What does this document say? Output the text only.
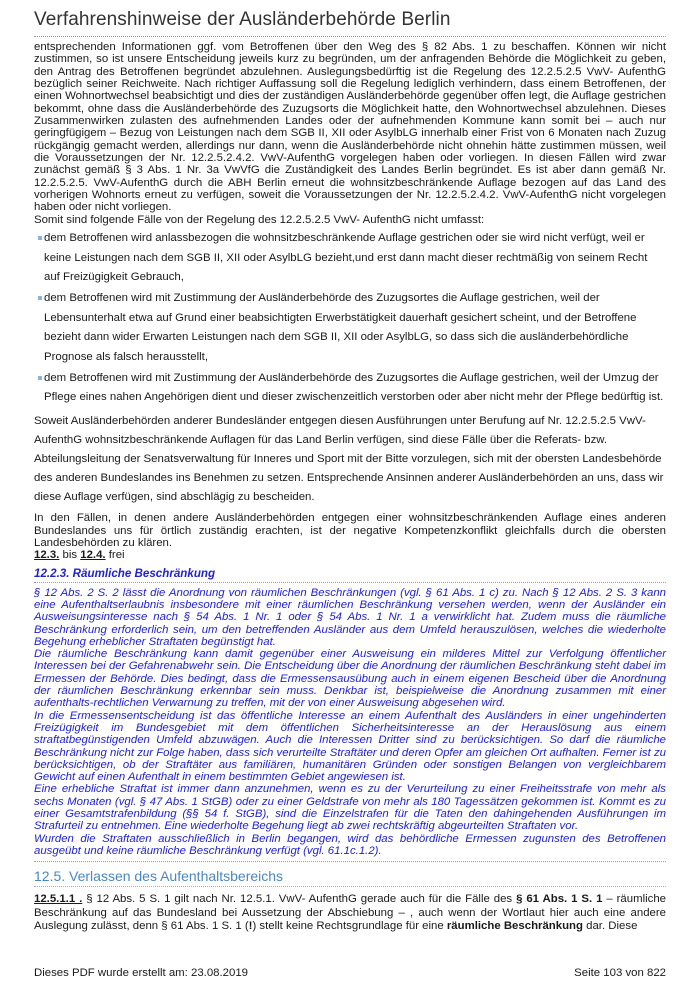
Verfahrenshinweise der Ausländerbehörde Berlin

entsprechenden Informationen ggf. vom Betroffenen über den Weg des § 82 Abs. 1 zu beschaffen. Können wir nicht zustimmen, so ist unsere Entscheidung jeweils kurz zu begründen, um der anfragenden Behörde die Möglichkeit zu geben, den Antrag des Betroffenen begründet abzulehnen. Auslegungsbedürftig ist die Regelung des 12.2.5.2.5 VwV- AufenthG bezüglich seiner Reichweite. Nach richtiger Auffassung soll die Regelung lediglich verhindern, dass einem Betroffenen, der einen Wohnortwechsel beabsichtigt und dies der zuständigen Ausländerbehörde gegenüber offen legt, die Auflage gestrichen bekommt, ohne dass die Ausländerbehörde des Zuzugsorts die Möglichkeit hatte, den Wohnortwechsel abzulehnen. Dieses Zusammenwirken zulasten des aufnehmenden Landes oder der aufnehmenden Kommune kann somit bei – auch nur geringfügigem – Bezug von Leistungen nach dem SGB II, XII oder AsylbLG innerhalb einer Frist von 6 Monaten nach Zuzug rückgängig gemacht werden, allerdings nur dann, wenn die Ausländerbehörde nicht ohnehin hätte zustimmen müssen, weil die Voraussetzungen der Nr. 12.2.5.2.4.2. VwV-AufenthG vorgelegen haben oder vorliegen. In diesen Fällen wird zwar zunächst gemäß § 3 Abs. 1 Nr. 3a VwVfG die Zuständigkeit des Landes Berlin begründet. Es ist aber dann gemäß Nr. 12.2.5.2.5. VwV-AufenthG durch die ABH Berlin erneut die wohnsitzbeschränkende Auflage bezogen auf das Land des vorherigen Wohnorts erneut zu verfügen, soweit die Voraussetzungen der Nr. 12.2.5.2.4.2. VwV-AufenthG nicht vorgelegen haben oder nicht vorliegen.

Somit sind folgende Fälle von der Regelung des 12.2.5.2.5 VwV- AufenthG nicht umfasst:

dem Betroffenen wird anlassbezogen die wohnsitzbeschränkende Auflage gestrichen oder sie wird nicht verfügt, weil er keine Leistungen nach dem SGB II, XII oder AsylbLG bezieht,und erst dann macht dieser rechtmäßig von seinem Recht auf Freizügigkeit Gebrauch,
dem Betroffenen wird mit Zustimmung der Ausländerbehörde des Zuzugsortes die Auflage gestrichen, weil der Lebensunterhalt etwa auf Grund einer beabsichtigten Erwerbstätigkeit dauerhaft gesichert scheint, und der Betroffene bezieht dann wider Erwarten Leistungen nach dem SGB II, XII oder AsylbLG, so dass sich die ausländerbehördliche Prognose als falsch herausstellt,
dem Betroffenen wird mit Zustimmung der Ausländerbehörde des Zuzugsortes die Auflage gestrichen, weil der Umzug der Pflege eines nahen Angehörigen dient und dieser zwischenzeitlich verstorben oder aber nicht mehr der Pflege bedürftig ist.

Soweit Ausländerbehörden anderer Bundesländer entgegen diesen Ausführungen unter Berufung auf Nr. 12.2.5.2.5 VwV-AufenthG wohnsitzbeschränkende Auflagen für das Land Berlin verfügen, sind diese Fälle über die Referats- bzw. Abteilungsleitung der Senatsverwaltung für Inneres und Sport mit der Bitte vorzulegen, sich mit der obersten Landesbehörde des anderen Bundeslandes ins Benehmen zu setzen. Entsprechende Ansinnen anderer Ausländerbehörden an uns, dass wir diese Auflage verfügen, sind abschlägig zu bescheiden.

In den Fällen, in denen andere Ausländerbehörden entgegen einer wohnsitzbeschränkenden Auflage eines anderen Bundeslandes uns für örtlich zuständig erachten, ist der negative Kompetenzkonflikt gleichfalls durch die obersten Landesbehörden zu klären.

12.3. bis 12.4. frei

12.2.3. Räumliche Beschränkung

§ 12 Abs. 2 S. 2 lässt die Anordnung von räumlichen Beschränkungen (vgl. § 61 Abs. 1 c) zu. Nach § 12 Abs. 2 S. 3 kann eine Aufenthaltserlaubnis insbesondere mit einer räumlichen Beschränkung versehen werden, wenn der Ausländer ein Ausweisungsinteresse nach § 54 Abs. 1 Nr. 1 oder § 54 Abs. 1 Nr. 1 a verwirklicht hat. Zudem muss die räumliche Beschränkung erforderlich sein, um den betreffenden Ausländer aus dem Umfeld herauszulösen, welches die wiederholte Begehung erheblicher Straftaten begünstigt hat.

Die räumliche Beschränkung kann damit gegenüber einer Ausweisung ein milderes Mittel zur Verfolgung öffentlicher Interessen bei der Gefahrenabwehr sein. Die Entscheidung über die Anordnung der räumlichen Beschränkung steht dabei im Ermessen der Behörde. Dies bedingt, dass die Ermessensausübung auch in einem eigenen Bescheid über die Anordnung der räumlichen Beschränkung erkennbar sein muss. Denkbar ist, beispielweise die Anordnung zusammen mit einer aufenthalts-rechtlichen Verwarnung zu treffen, mit der von einer Ausweisung abgesehen wird.

In die Ermessensentscheidung ist das öffentliche Interesse an einem Aufenthalt des Ausländers in einer ungehinderten Freizügigkeit im Bundesgebiet mit dem öffentlichen Sicherheitsinteresse an der Herauslösung aus einem straftatbegünstigenden Umfeld abzuwägen. Auch die Interessen Dritter sind zu berücksichtigen. So darf die räumliche Beschränkung nicht zur Folge haben, dass sich verurteilte Straftäter und deren Opfer am gleichen Ort aufhalten. Ferner ist zu berücksichtigen, ob der Straftäter aus familiären, humanitären Gründen oder sonstigen Belangen von vergleichbarem Gewicht auf einen Aufenthalt in einem bestimmten Gebiet angewiesen ist.

Eine erhebliche Straftat ist immer dann anzunehmen, wenn es zu der Verurteilung zu einer Freiheitsstrafe von mehr als sechs Monaten (vgl. § 47 Abs. 1 StGB) oder zu einer Geldstrafe von mehr als 180 Tagessätzen gekommen ist. Kommt es zu einer Gesamtstrafenbildung (§§ 54 f. StGB), sind die Einzelstrafen für die Taten den dahingehenden Ausführungen im Strafurteil zu entnehmen. Eine wiederholte Begehung liegt ab zwei rechtskräftig abgeurteilten Straftaten vor.

Wurden die Straftaten ausschließlich in Berlin begangen, wird das behördliche Ermessen zugunsten des Betroffenen ausgeübt und keine räumliche Beschränkung verfügt (vgl. 61.1c.1.2).

12.5. Verlassen des Aufenthaltsbereichs

12.5.1.1 . § 12 Abs. 5 S. 1 gilt nach Nr. 12.5.1. VwV- AufenthG gerade auch für die Fälle des § 61 Abs. 1 S. 1 – räumliche Beschränkung auf das Bundesland bei Aussetzung der Abschiebung – , auch wenn der Wortlaut hier auch eine andere Auslegung zulässt, denn § 61 Abs. 1 S. 1 (!) stellt keine Rechtsgrundlage für eine räumliche Beschränkung dar. Diese

Dieses PDF wurde erstellt am: 23.08.2019	Seite 103 von 822
